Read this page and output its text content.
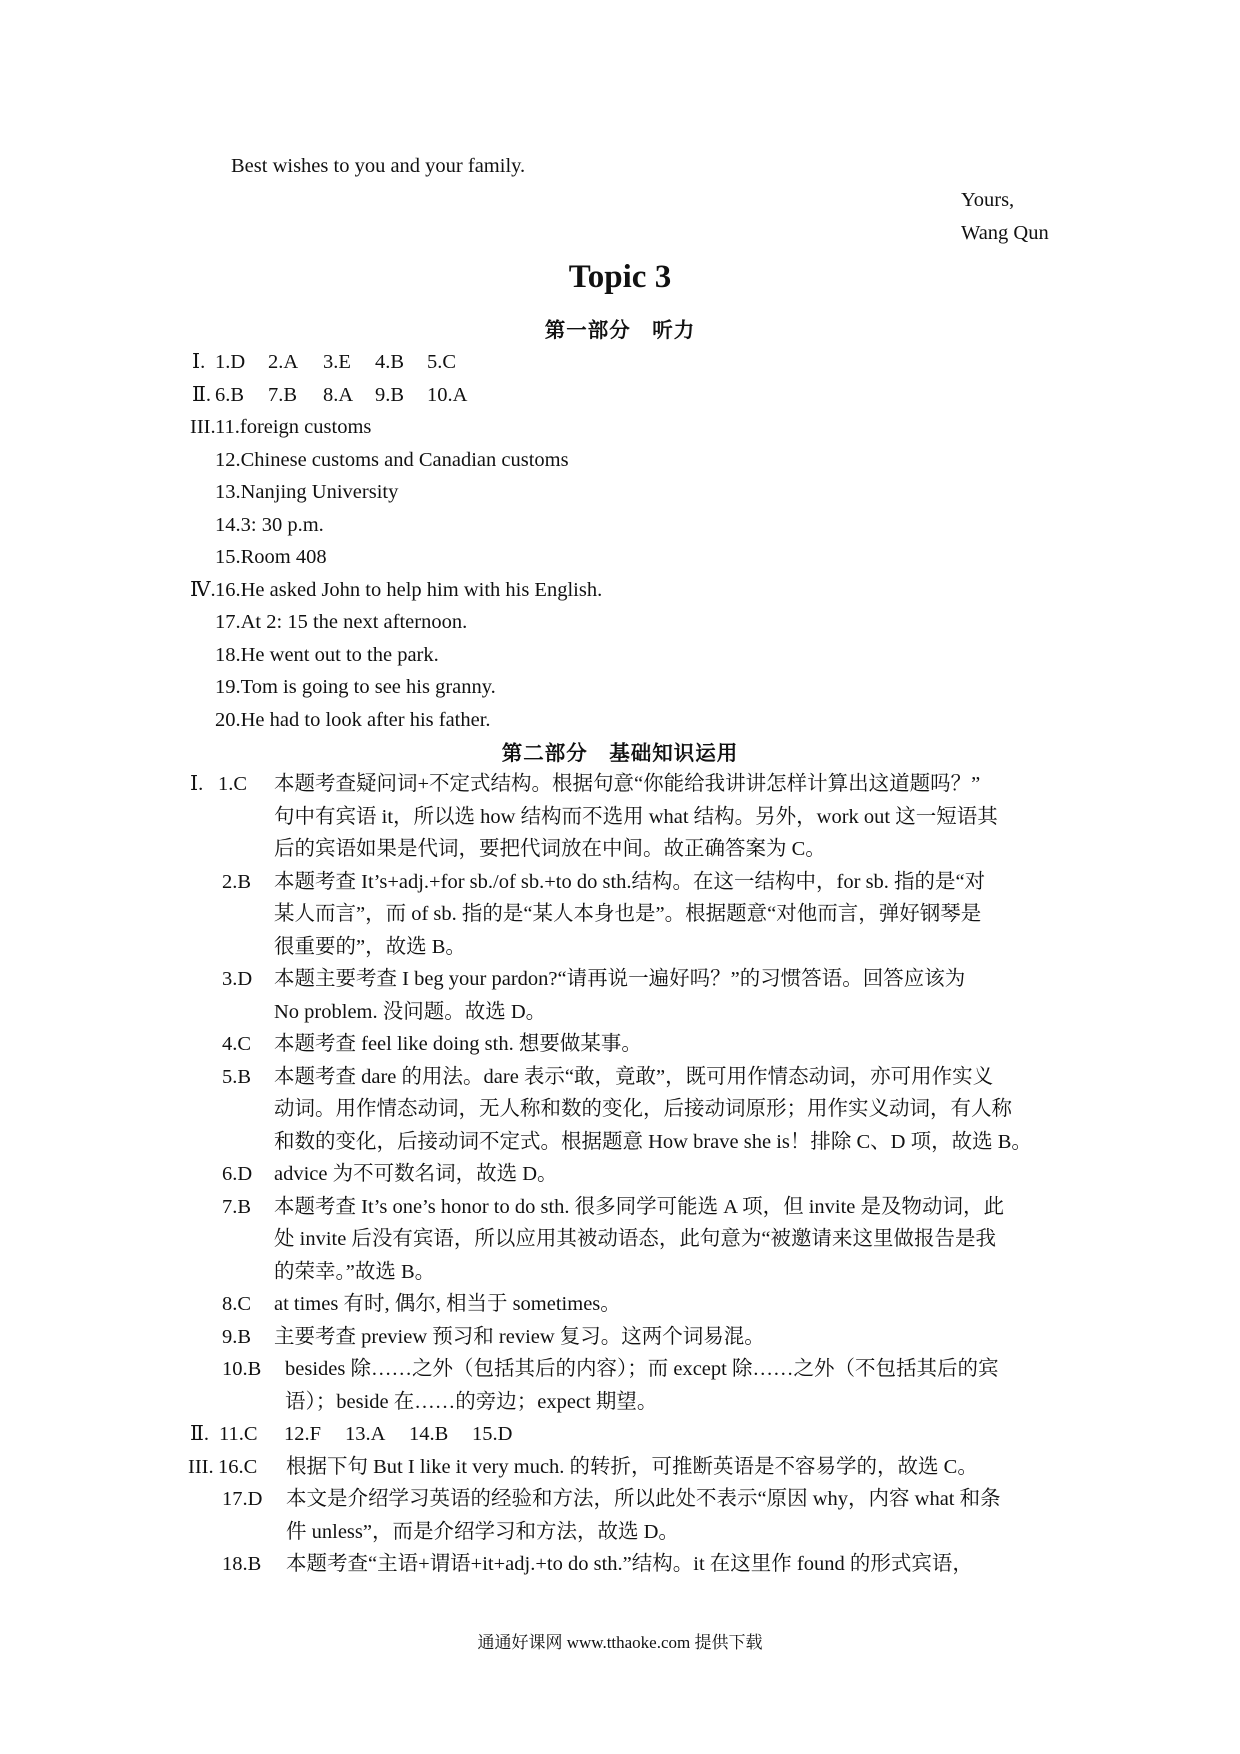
Best wishes to you and your family.
Yours,
Wang Qun
Topic 3
第一部分　听力
Ⅰ. 1.D 2.A 3.E 4.B 5.C
Ⅱ. 6.B 7.B 8.A 9.B 10.A
III. 11.foreign customs
12.Chinese customs and Canadian customs
13.Nanjing University
14.3: 30 p.m.
15.Room 408
Ⅳ. 16.He asked John to help him with his English.
17.At 2: 15 the next afternoon.
18.He went out to the park.
19.Tom is going to see his granny.
20.He had to look after his father.
第二部分　基础知识运用
Ⅰ. 1.C 本题考查疑问词+不定式结构。根据句意“你能给我讲讲怎样计算出这道题吗？”
句中有宾语 it，所以选 how 结构而不选用 what 结构。另外，work out 这一短语其
后的宾语如果是代词，要把代词放在中间。故正确答案为 C。
2.B 本题考查 It’s+adj.+for sb./of sb.+to do sth.结构。在这一结构中，for sb. 指的是“对
某人而言”，而 of sb. 指的是“某人本身也是”。根据题意“对他而言，弹好钢琴是
很重要的”，故选 B。
3.D 本题主要考查 I beg your pardon?“请再说一遍好吗？”的习惯答语。回答应该为
No problem. 没问题。故选 D。
4.C 本题考查 feel like doing sth. 想要做某事。
5.B 本题考查 dare 的用法。dare 表示“敢，竟敢”，既可用作情态动词，亦可用作实义
动词。用作情态动词，无人称和数的变化，后接动词原形；用作实义动词，有人称
和数的变化，后接动词不定式。根据题意 How brave she is！排除 C、D 项，故选 B。
6.D advice 为不可数名词，故选 D。
7.B 本题考查 It’s one’s honor to do sth. 很多同学可能选 A 项，但 invite 是及物动词，此
处 invite 后没有宾语，所以应用其被动语态，此句意为“被邀请来这里做报告是我
的荣幸。”故选 B。
8.C at times 有时, 偶尔, 相当于 sometimes。
9.B 主要考查 preview 预习和 review 复习。这两个词易混。
10.B besides 除……之外（包括其后的内容）；而 except 除……之外（不包括其后的宾
语）；beside 在……的旁边；expect 期望。
Ⅱ. 11.C 12.F 13.A 14.B 15.D
III. 16.C 根据下句 But I like it very much. 的转折，可推断英语是不容易学的，故选 C。
17.D 本文是介绍学习英语的经验和方法，所以此处不表示“原因 why，内容 what 和条
件 unless”，而是介绍学习和方法，故选 D。
18.B 本题考查“主语+谓语+it+adj.+to do sth.”结构。it 在这里作 found 的形式宾语，
通通好课网 www.tthaoke.com 提供下载
